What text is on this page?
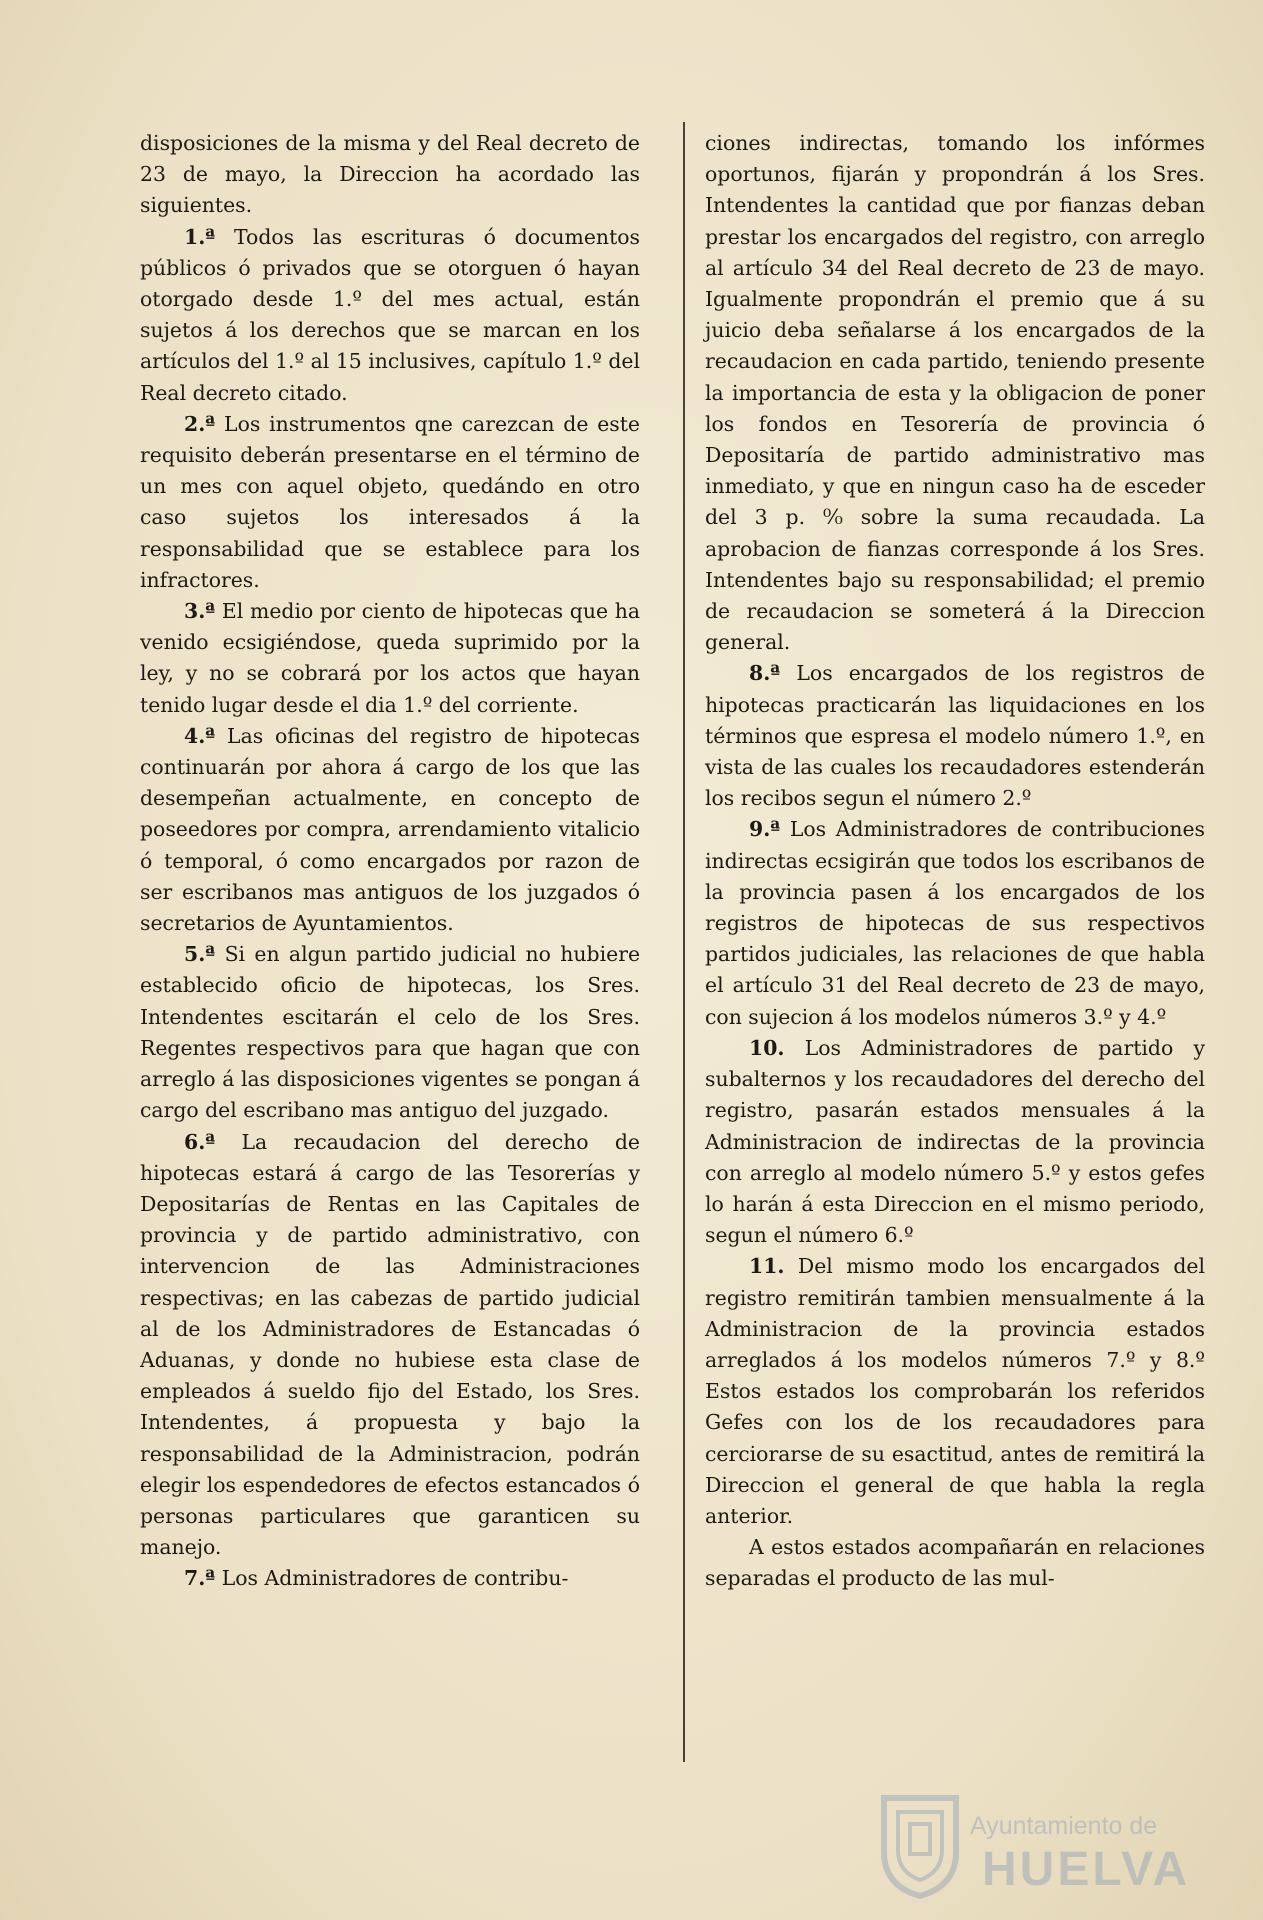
disposiciones de la misma y del Real decreto de 23 de mayo, la Direccion ha acordado las siguientes.

1.ª Todos las escrituras ó documentos públicos ó privados que se otorguen ó hayan otorgado desde 1.º del mes actual, están sujetos á los derechos que se marcan en los artículos del 1.º al 15 inclusives, capítulo 1.º del Real decreto citado.

2.ª Los instrumentos qne carezcan de este requisito deberán presentarse en el término de un mes con aquel objeto, quedándo en otro caso sujetos los interesados á la responsabilidad que se establece para los infractores.

3.ª El medio por ciento de hipotecas que ha venido ecsigiéndose, queda suprimido por la ley, y no se cobrará por los actos que hayan tenido lugar desde el dia 1.º del corriente.

4.ª Las oficinas del registro de hipotecas continuarán por ahora á cargo de los que las desempeñan actualmente, en concepto de poseedores por compra, arrendamiento vitalicio ó temporal, ó como encargados por razon de ser escribanos mas antiguos de los juzgados ó secretarios de Ayuntamientos.

5.ª Si en algun partido judicial no hubiere establecido oficio de hipotecas, los Sres. Intendentes escitarán el celo de los Sres. Regentes respectivos para que hagan que con arreglo á las disposiciones vigentes se pongan á cargo del escribano mas antiguo del juzgado.

6.ª La recaudacion del derecho de hipotecas estará á cargo de las Tesorerías y Depositarías de Rentas en las Capitales de provincia y de partido administrativo, con intervencion de las Administraciones respectivas; en las cabezas de partido judicial al de los Administradores de Estancadas ó Aduanas, y donde no hubiese esta clase de empleados á sueldo fijo del Estado, los Sres. Intendentes, á propuesta y bajo la responsabilidad de la Administracion, podrán elegir los espendedores de efectos estancados ó personas particulares que garanticen su manejo.

7.ª Los Administradores de contribu-

ciones indirectas, tomando los infórmes oportunos, fijarán y propondrán á los Sres. Intendentes la cantidad que por fianzas deban prestar los encargados del registro, con arreglo al artículo 34 del Real decreto de 23 de mayo. Igualmente propondrán el premio que á su juicio deba señalarse á los encargados de la recaudacion en cada partido, teniendo presente la importancia de esta y la obligacion de poner los fondos en Tesorería de provincia ó Depositaría de partido administrativo mas inmediato, y que en ningun caso ha de esceder del 3 p. ⁰⁄₀ sobre la suma recaudada. La aprobacion de fianzas corresponde á los Sres. Intendentes bajo su responsabilidad; el premio de recaudacion se someterá á la Direccion general.

8.ª Los encargados de los registros de hipotecas practicarán las liquidaciones en los términos que espresa el modelo número 1.º, en vista de las cuales los recaudadores estenderán los recibos segun el número 2.º

9.ª Los Administradores de contribuciones indirectas ecsigirán que todos los escribanos de la provincia pasen á los encargados de los registros de hipotecas de sus respectivos partidos judiciales, las relaciones de que habla el artículo 31 del Real decreto de 23 de mayo, con sujecion á los modelos números 3.º y 4.º

10. Los Administradores de partido y subalternos y los recaudadores del derecho del registro, pasarán estados mensuales á la Administracion de indirectas de la provincia con arreglo al modelo número 5.º y estos gefes lo harán á esta Direccion en el mismo periodo, segun el número 6.º

11. Del mismo modo los encargados del registro remitirán tambien mensualmente á la Administracion de la provincia estados arreglados á los modelos números 7.º y 8.º Estos estados los comprobarán los referidos Gefes con los de los recaudadores para cerciorarse de su esactitud, antes de remitirá la Direccion el general de que habla la regla anterior.

A estos estados acompañarán en relaciones separadas el producto de las mul-

Ayuntamiento de
HUELVA
